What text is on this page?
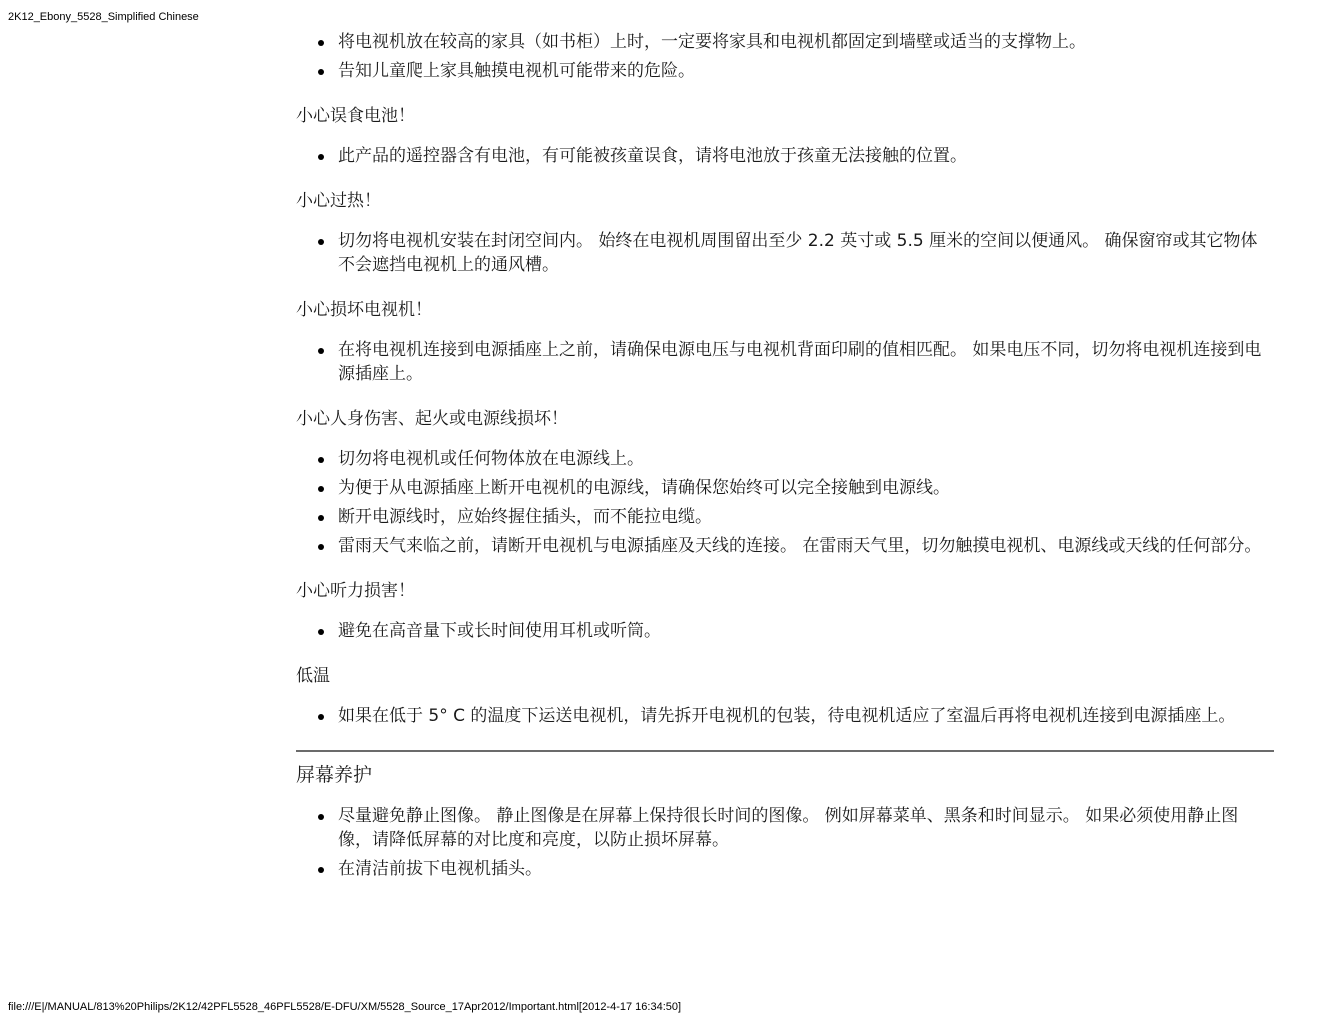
2K12_Ebony_5528_Simplified Chinese
将电视机放在较高的家具（如书柜）上时，一定要将家具和电视机都固定到墙壁或适当的支撑物上。
告知儿童爬上家具触摸电视机可能带来的危险。

小心误食电池！

此产品的遥控器含有电池，有可能被孩童误食，请将电池放于孩童无法接触的位置。

小心过热！

切勿将电视机安装在封闭空间内。 始终在电视机周围留出至少 2.2 英寸或 5.5 厘米的空间以便通风。 确保窗帘或其它物体不会遮挡电视机上的通风槽。

小心损坏电视机！

在将电视机连接到电源插座上之前，请确保电源电压与电视机背面印刷的值相匹配。 如果电压不同，切勿将电视机连接到电源插座上。

小心人身伤害、起火或电源线损坏！

切勿将电视机或任何物体放在电源线上。
为便于从电源插座上断开电视机的电源线，请确保您始终可以完全接触到电源线。
断开电源线时，应始终握住插头，而不能拉电缆。
雷雨天气来临之前，请断开电视机与电源插座及天线的连接。 在雷雨天气里，切勿触摸电视机、电源线或天线的任何部分。

小心听力损害！

避免在高音量下或长时间使用耳机或听筒。

低温

如果在低于 5° C 的温度下运送电视机，请先拆开电视机的包装，待电视机适应了室温后再将电视机连接到电源插座上。

屏幕养护

尽量避免静止图像。 静止图像是在屏幕上保持很长时间的图像。 例如屏幕菜单、黑条和时间显示。 如果必须使用静止图像，请降低屏幕的对比度和亮度，以防止损坏屏幕。
在清洁前拔下电视机插头。
file:///E|/MANUAL/813%20Philips/2K12/42PFL5528_46PFL5528/E-DFU/XM/5528_Source_17Apr2012/Important.html[2012-4-17 16:34:50]
